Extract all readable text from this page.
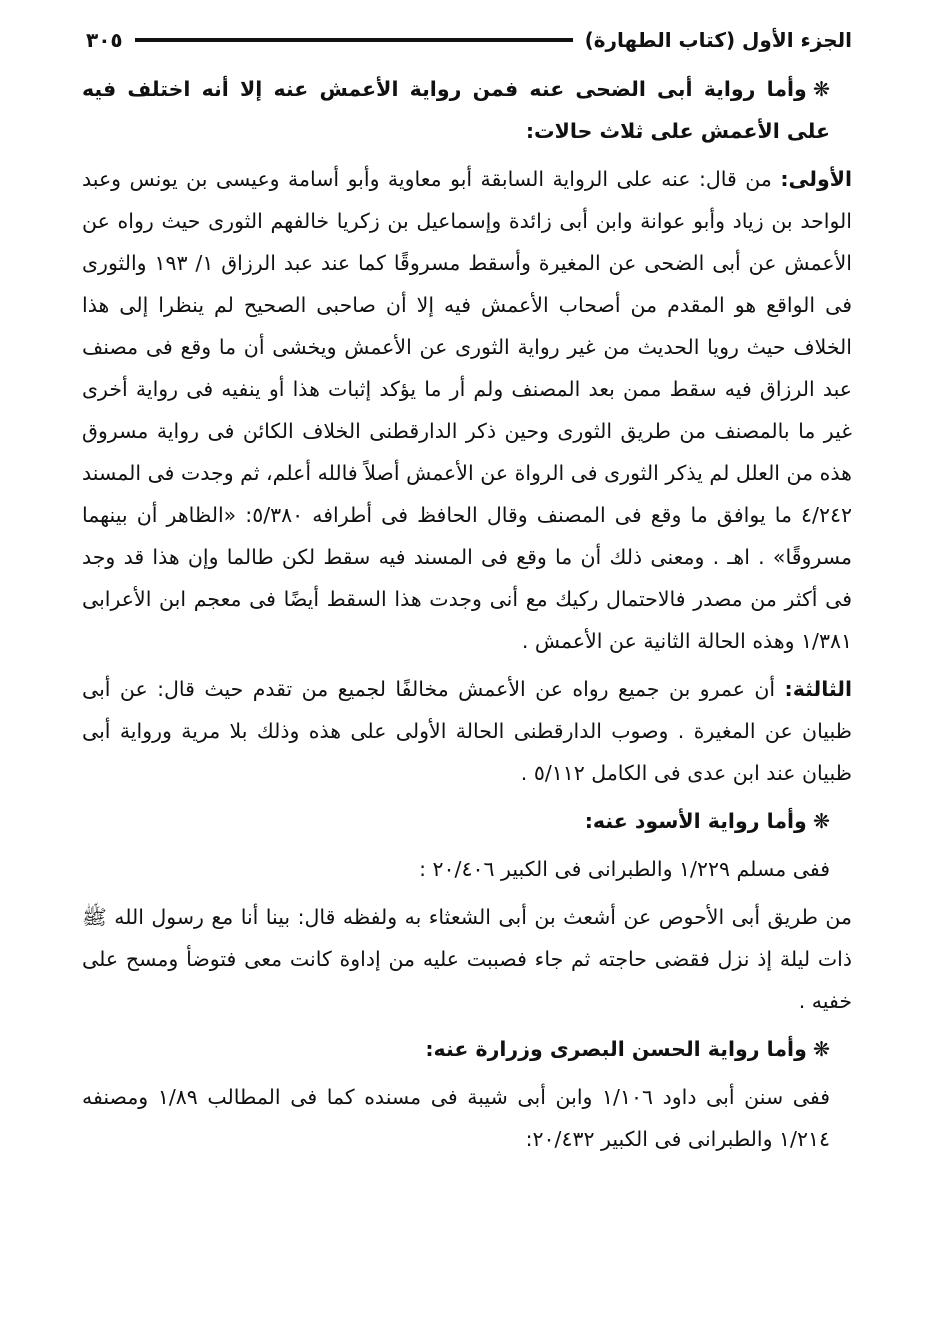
الجزء الأول (كتاب الطهارة)
٣٠٥

❋وأما رواية أبى الضحى عنه فمن رواية الأعمش عنه إلا أنه اختلف فيه على الأعمش على ثلاث حالات:

الأولى: من قال: عنه على الرواية السابقة أبو معاوية وأبو أسامة وعيسى بن يونس وعبد الواحد بن زياد وأبو عوانة وابن أبى زائدة وإسماعيل بن زكريا خالفهم الثورى حيث رواه عن الأعمش عن أبى الضحى عن المغيرة وأسقط مسروقًا كما عند عبد الرزاق ١/ ١٩٣ والثورى فى الواقع هو المقدم من أصحاب الأعمش فيه إلا أن صاحبى الصحيح لم ينظرا إلى هذا الخلاف حيث رويا الحديث من غير رواية الثورى عن الأعمش ويخشى أن ما وقع فى مصنف عبد الرزاق فيه سقط ممن بعد المصنف ولم أر ما يؤكد إثبات هذا أو ينفيه فى رواية أخرى غير ما بالمصنف من طريق الثورى وحين ذكر الدارقطنى الخلاف الكائن فى رواية مسروق هذه من العلل لم يذكر الثورى فى الرواة عن الأعمش أصلاً فالله أعلم، ثم وجدت فى المسند ٤/٢٤٢ ما يوافق ما وقع فى المصنف وقال الحافظ فى أطرافه ٥/٣٨٠: «الظاهر أن بينهما مسروقًا» . اهـ . ومعنى ذلك أن ما وقع فى المسند فيه سقط لكن طالما وإن هذا قد وجد فى أكثر من مصدر فالاحتمال ركيك مع أنى وجدت هذا السقط أيضًا فى معجم ابن الأعرابى ١/٣٨١ وهذه الحالة الثانية عن الأعمش .

الثالثة: أن عمرو بن جميع رواه عن الأعمش مخالفًا لجميع من تقدم حيث قال: عن أبى ظبيان عن المغيرة . وصوب الدارقطنى الحالة الأولى على هذه وذلك بلا مرية ورواية أبى ظبيان عند ابن عدى فى الكامل ٥/١١٢ .

❋وأما رواية الأسود عنه:

ففى مسلم ١/٢٢٩ والطبرانى فى الكبير ٢٠/٤٠٦ :

من طريق أبى الأحوص عن أشعث بن أبى الشعثاء به ولفظه قال: بينا أنا مع رسول الله ﷺ ذات ليلة إذ نزل فقضى حاجته ثم جاء فصببت عليه من إداوة كانت معى فتوضأ ومسح على خفيه .

❋وأما رواية الحسن البصرى وزرارة عنه:

ففى سنن أبى داود ١/١٠٦ وابن أبى شيبة فى مسنده كما فى المطالب ١/٨٩ ومصنفه ١/٢١٤ والطبرانى فى الكبير ٢٠/٤٣٢:
